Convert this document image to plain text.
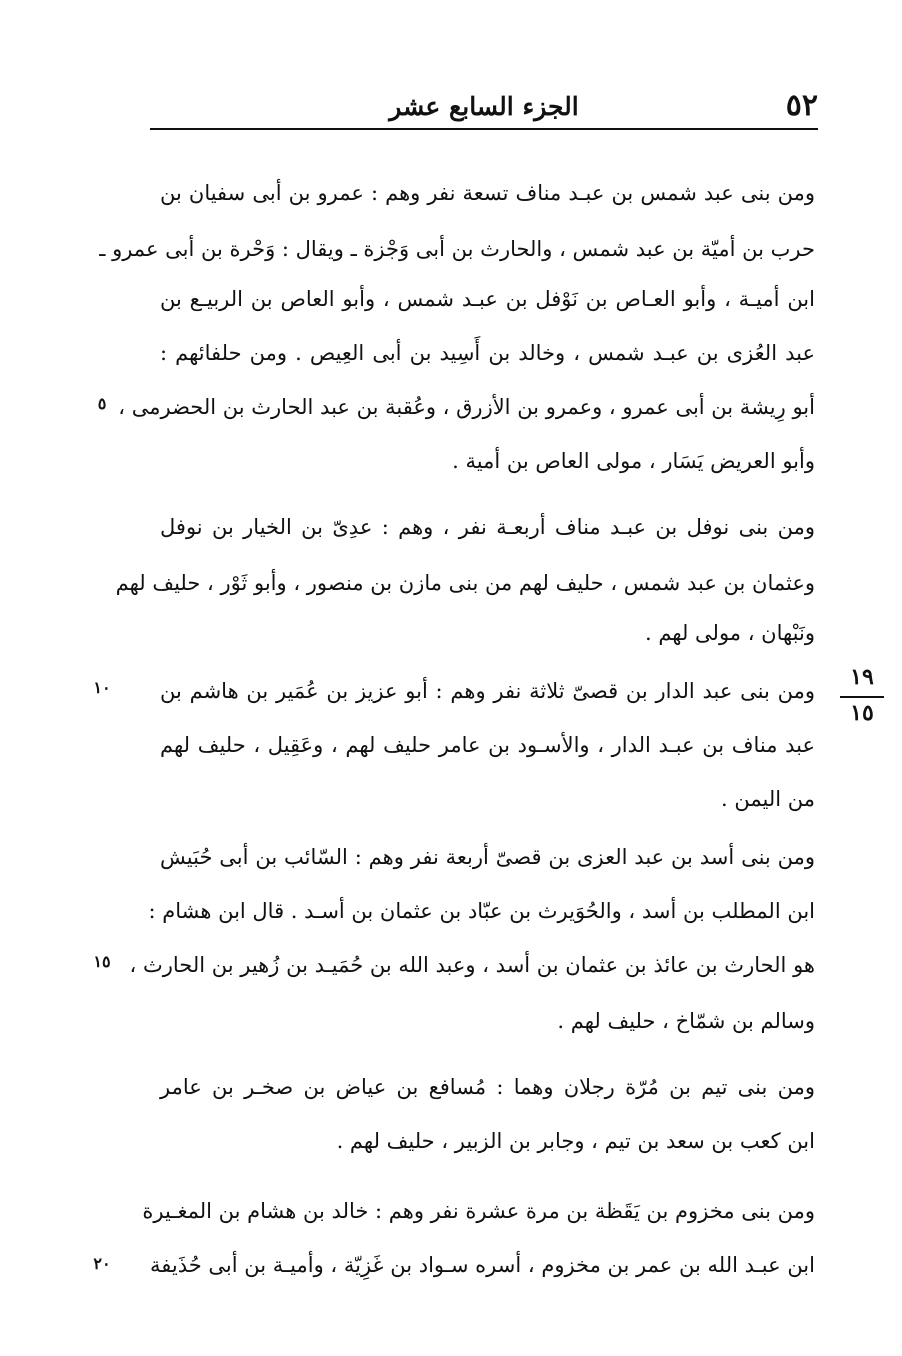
٥٢
الجزء السابع عشر
ومن بنى عبد شمس بن عبـد مناف تسعة نفر وهم : عمرو بن أبى سفيان بن
حرب بن أميّة بن عبد شمس ، والحارث بن أبى وَجْزة ـ ويقال : وَحْرة بن أبى عمرو ـ
ابن أميـة ، وأبو العـاص بن نَوْفل بن عبـد شمس ، وأبو العاص بن الربيـع بن
عبد العُزى بن عبـد شمس ، وخالد بن أَسِيد بن أبى العِيص . ومن حلفائهم :
أبو رِيشة بن أبى عمرو ، وعمرو بن الأزرق ، وعُقبة بن عبد الحارث بن الحضرمى ،
وأبو العريض يَسَار ، مولى العاص بن أمية .
ومن بنى نوفل بن عبـد مناف أربعـة نفر ، وهم : عدِىّ بن الخيار بن نوفل
وعثمان بن عبد شمس ، حليف لهم من بنى مازن بن منصور ، وأبو ثَوْر ، حليف لهم
ونَبْهان ، مولى لهم .
ومن بنى عبد الدار بن قصىّ ثلاثة نفر وهم : أبو عزيز بن عُمَير بن هاشم بن
عبد مناف بن عبـد الدار ، والأسـود بن عامر حليف لهم ، وعَقِيل ، حليف لهم
من اليمن .
ومن بنى أسد بن عبد العزى بن قصىّ أربعة نفر وهم : السّائب بن أبى حُبَيش
ابن المطلب بن أسد ، والحُوَيرث بن عبّاد بن عثمان بن أسـد . قال ابن هشام :
هو الحارث بن عائذ بن عثمان بن أسد ، وعبد الله بن حُمَيـد بن زُهير بن الحارث ،
وسالم بن شمّاخ ، حليف لهم .
ومن بنى تيم بن مُرّة رجلان وهما : مُسافع بن عياض بن صخـر بن عامر
ابن كعب بن سعد بن تيم ، وجابر بن الزبير ، حليف لهم .
ومن بنى مخزوم بن يَقَظة بن مرة عشرة نفر وهم : خالد بن هشام بن المغـيرة
ابن عبـد الله بن عمر بن مخزوم ، أسره سـواد بن غَزِيّة ، وأميـة بن أبى حُذَيفة
٥
١٠
١٥
٢٠
١٩
١٥
